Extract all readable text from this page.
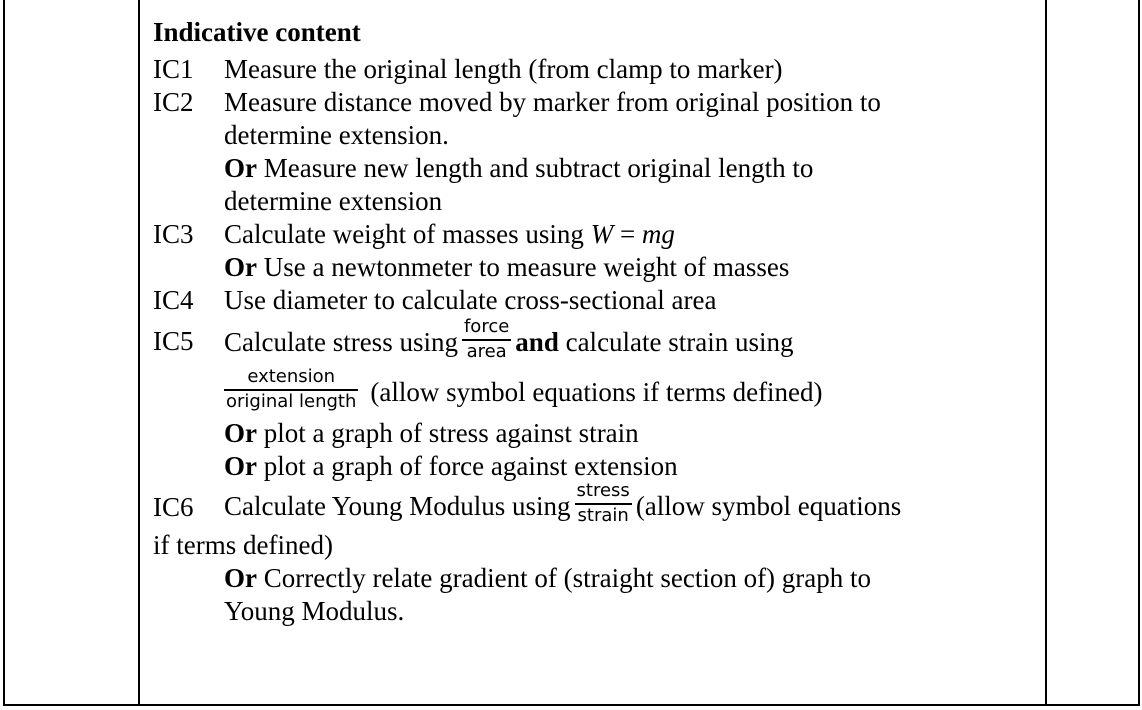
Indicative content
IC1	Measure the original length (from clamp to marker)
IC2	Measure distance moved by marker from original position to
determine extension.
Or Measure new length and subtract original length to
determine extension
IC3	Calculate weight of masses using W = mg
Or Use a newtonmeter to measure weight of masses
IC4	Use diameter to calculate cross-sectional area
IC5	Calculate stress using $\frac{\text{force}}{\text{area}}$ and calculate strain using
$\frac{\text{extension}}{\text{original length}}$ (allow symbol equations if terms defined)
Or plot a graph of stress against strain
Or plot a graph of force against extension
IC6	Calculate Young Modulus using $\frac{\text{stress}}{\text{strain}}$ (allow symbol equations
if terms defined)
Or Correctly relate gradient of (straight section of) graph to
Young Modulus.
